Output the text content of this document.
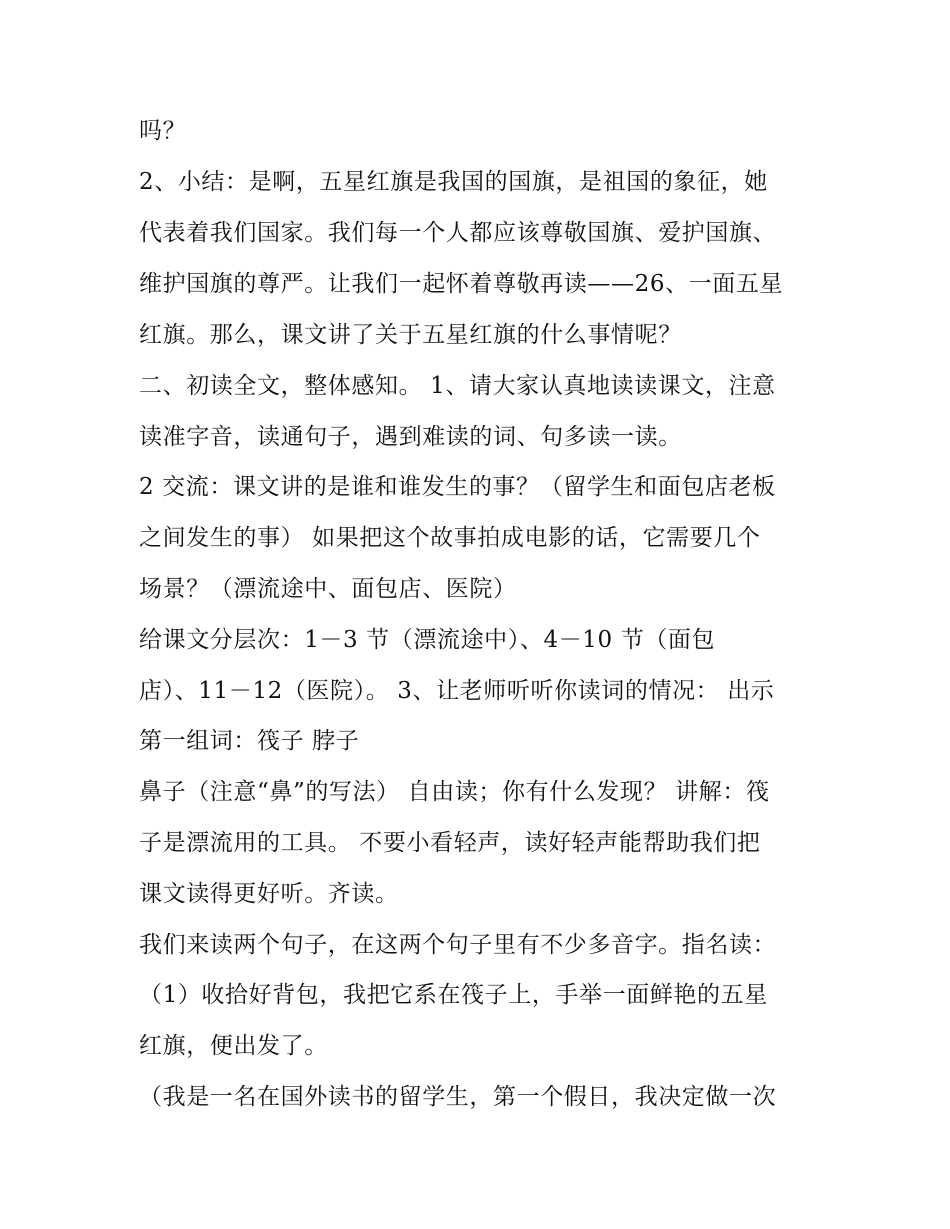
吗？
2、小结：是啊，五星红旗是我国的国旗，是祖国的象征，她
代表着我们国家。我们每一个人都应该尊敬国旗、爱护国旗、
维护国旗的尊严。让我们一起怀着尊敬再读——26、一面五星
红旗。那么，课文讲了关于五星红旗的什么事情呢？
二、初读全文，整体感知。 1、请大家认真地读读课文，注意
读准字音，读通句子，遇到难读的词、句多读一读。
2 交流：课文讲的是谁和谁发生的事？（留学生和面包店老板
之间发生的事） 如果把这个故事拍成电影的话，它需要几个
场景？（漂流途中、面包店、医院）
给课文分层次：1－3 节（漂流途中）、4－10 节（面包
店）、11－12（医院）。 3、让老师听听你读词的情况： 出示
第一组词：筏子 脖子
鼻子（注意“鼻”的写法） 自由读；你有什么发现？ 讲解：筏
子是漂流用的工具。 不要小看轻声，读好轻声能帮助我们把
课文读得更好听。齐读。
我们来读两个句子，在这两个句子里有不少多音字。指名读：
（1）收拾好背包，我把它系在筏子上，手举一面鲜艳的五星
红旗，便出发了。
（我是一名在国外读书的留学生，第一个假日，我决定做一次
